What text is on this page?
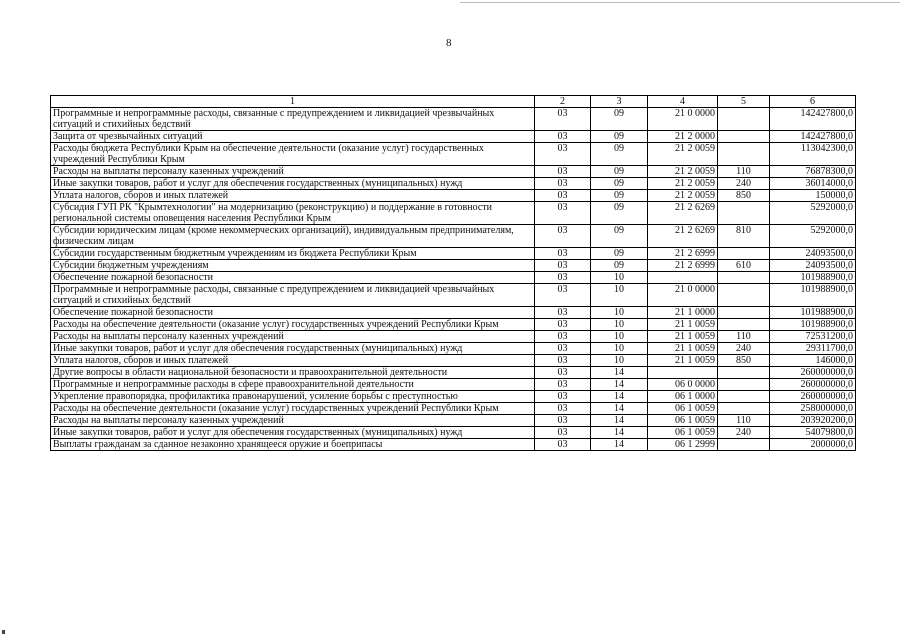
8
1	2	3	4	5	6
Программные и непрограммные расходы, связанные с предупреждением и ликвидацией чрезвычайных ситуаций и стихийных бедствий	03	09	21 0 0000		142427800,0
Защита от чрезвычайных ситуаций	03	09	21 2 0000		142427800,0
Расходы бюджета Республики Крым на обеспечение деятельности (оказание услуг) государственных учреждений Республики Крым	03	09	21 2 0059		113042300,0
Расходы на выплаты персоналу казенных учреждений	03	09	21 2 0059	110	76878300,0
Иные закупки товаров, работ и услуг для обеспечения государственных (муниципальных) нужд	03	09	21 2 0059	240	36014000,0
Уплата налогов, сборов и иных платежей	03	09	21 2 0059	850	150000,0
Субсидия ГУП РК "Крымтехнологии" на модернизацию (реконструкцию) и поддержание в готовности региональной системы оповещения населения Республики Крым	03	09	21 2 6269		5292000,0
Субсидии юридическим лицам (кроме некоммерческих организаций), индивидуальным предпринимателям, физическим лицам	03	09	21 2 6269	810	5292000,0
Субсидии государственным бюджетным учреждениям из бюджета Республики Крым	03	09	21 2 6999		24093500,0
Субсидии бюджетным учреждениям	03	09	21 2 6999	610	24093500,0
Обеспечение пожарной безопасности	03	10			101988900,0
Программные и непрограммные расходы, связанные с предупреждением и ликвидацией чрезвычайных ситуаций и стихийных бедствий	03	10	21 0 0000		101988900,0
Обеспечение пожарной безопасности	03	10	21 1 0000		101988900,0
Расходы на обеспечение деятельности (оказание услуг) государственных учреждений Республики Крым	03	10	21 1 0059		101988900,0
Расходы на выплаты персоналу казенных учреждений	03	10	21 1 0059	110	72531200,0
Иные закупки товаров, работ и услуг для обеспечения государственных (муниципальных) нужд	03	10	21 1 0059	240	29311700,0
Уплата налогов, сборов и иных платежей	03	10	21 1 0059	850	146000,0
Другие вопросы в области национальной безопасности и правоохранительной деятельности	03	14			260000000,0
Программные и непрограммные расходы в сфере правоохранительной деятельности	03	14	06 0 0000		260000000,0
Укрепление правопорядка, профилактика правонарушений, усиление борьбы с преступностью	03	14	06 1 0000		260000000,0
Расходы на обеспечение деятельности (оказание услуг) государственных учреждений Республики Крым	03	14	06 1 0059		258000000,0
Расходы на выплаты персоналу казенных учреждений	03	14	06 1 0059	110	203920200,0
Иные закупки товаров, работ и услуг для обеспечения государственных (муниципальных) нужд	03	14	06 1 0059	240	54079800,0
Выплаты гражданам за сданное незаконно хранящееся оружие и боеприпасы	03	14	06 1 2999		2000000,0
